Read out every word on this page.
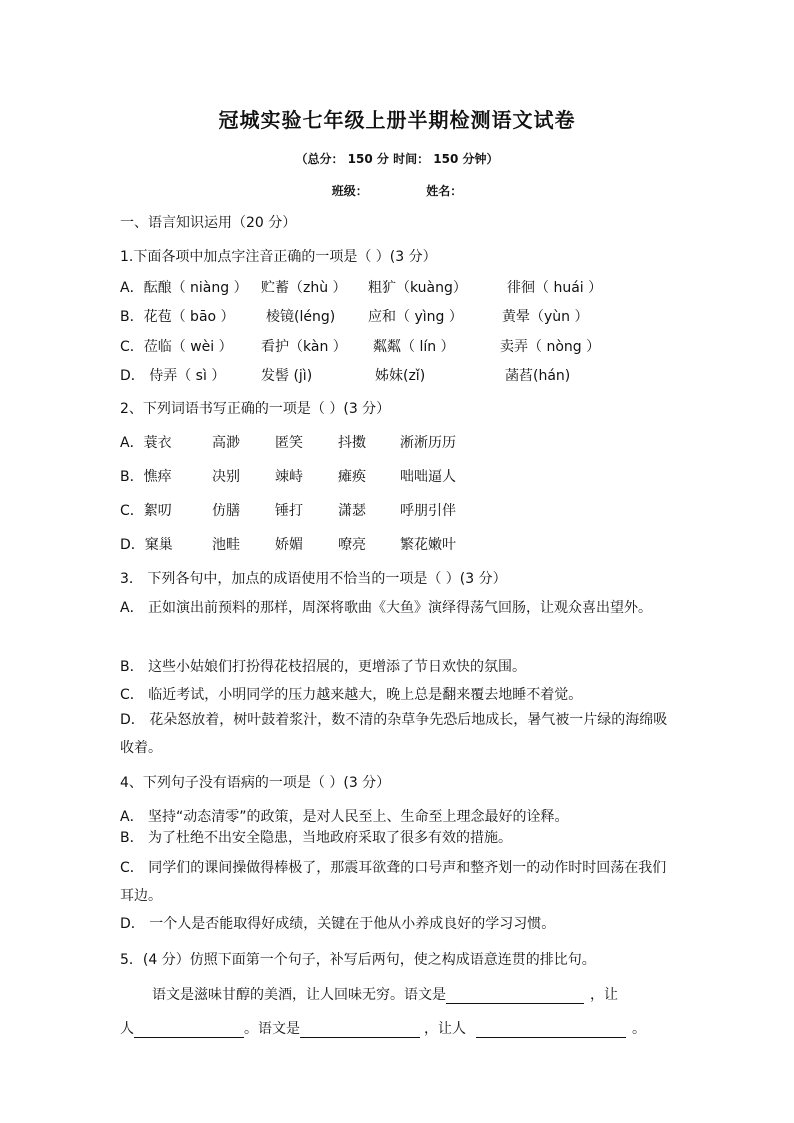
冠城实验七年级上册半期检测语文试卷
（总分： 150 分 时间： 150 分钟）
班级：              姓名：
一、语言知识运用（20 分）
1.下面各项中加点字注音正确的一项是（ ）(3 分）
A．酝酿（ niàng ） 贮蓄（zhù ） 粗犷（kuàng）	徘徊（ huái ）
B．花苞（ bāo ） 棱镜(léng) 应和（ yìng ）	黄晕（yùn ）
C．莅临（ wèi ） 看护（kàn ） 粼粼（ lín ）	卖弄（ nòng ）
D． 侍弄（ sì ）	发髻 (jì)	姊妹(zǐ)	菡萏(hán)
2、下列词语书写正确的一项是（ ）(3 分）
A．蓑衣	高渺	匿笑	抖擞 淅淅历历
B．憔瘁	决别	竦峙	瘫痪 咄咄逼人
C．絮叨	仿膳	锤打	潇瑟 呼朋引伴
D．窠巢	池畦	娇媚	嘹亮 繁花嫩叶
3． 下列各句中，加点的成语使用不恰当的一项是（ ）(3 分）
A． 正如演出前预料的那样，周深将歌曲《大鱼》演绎得荡气回肠，让观众喜出望外。
B． 这些小姑娘们打扮得花枝招展的，更增添了节日欢快的氛围。
C． 临近考试，小明同学的压力越来越大，晚上总是翻来覆去地睡不着觉。
D． 花朵怒放着，树叶鼓着浆汁，数不清的杂草争先恐后地成长，暑气被一片绿的海绵吸收着。
4、下列句子没有语病的一项是（ ）(3 分）
A． 坚持“动态清零”的政策，是对人民至上、生命至上理念最好的诠释。
B． 为了杜绝不出安全隐患，当地政府采取了很多有效的措施。
C． 同学们的课间操做得棒极了，那震耳欲聋的口号声和整齐划一的动作时时回荡在我们耳边。
D． 一个人是否能取得好成绩，关键在于他从小养成良好的学习习惯。
5．(4 分）仿照下面第一个句子，补写后两句，使之构成语意连贯的排比句。
语文是滋味甘醇的美酒，让人回味无穷。语文是	，让
人	。语文是	，让人	。
